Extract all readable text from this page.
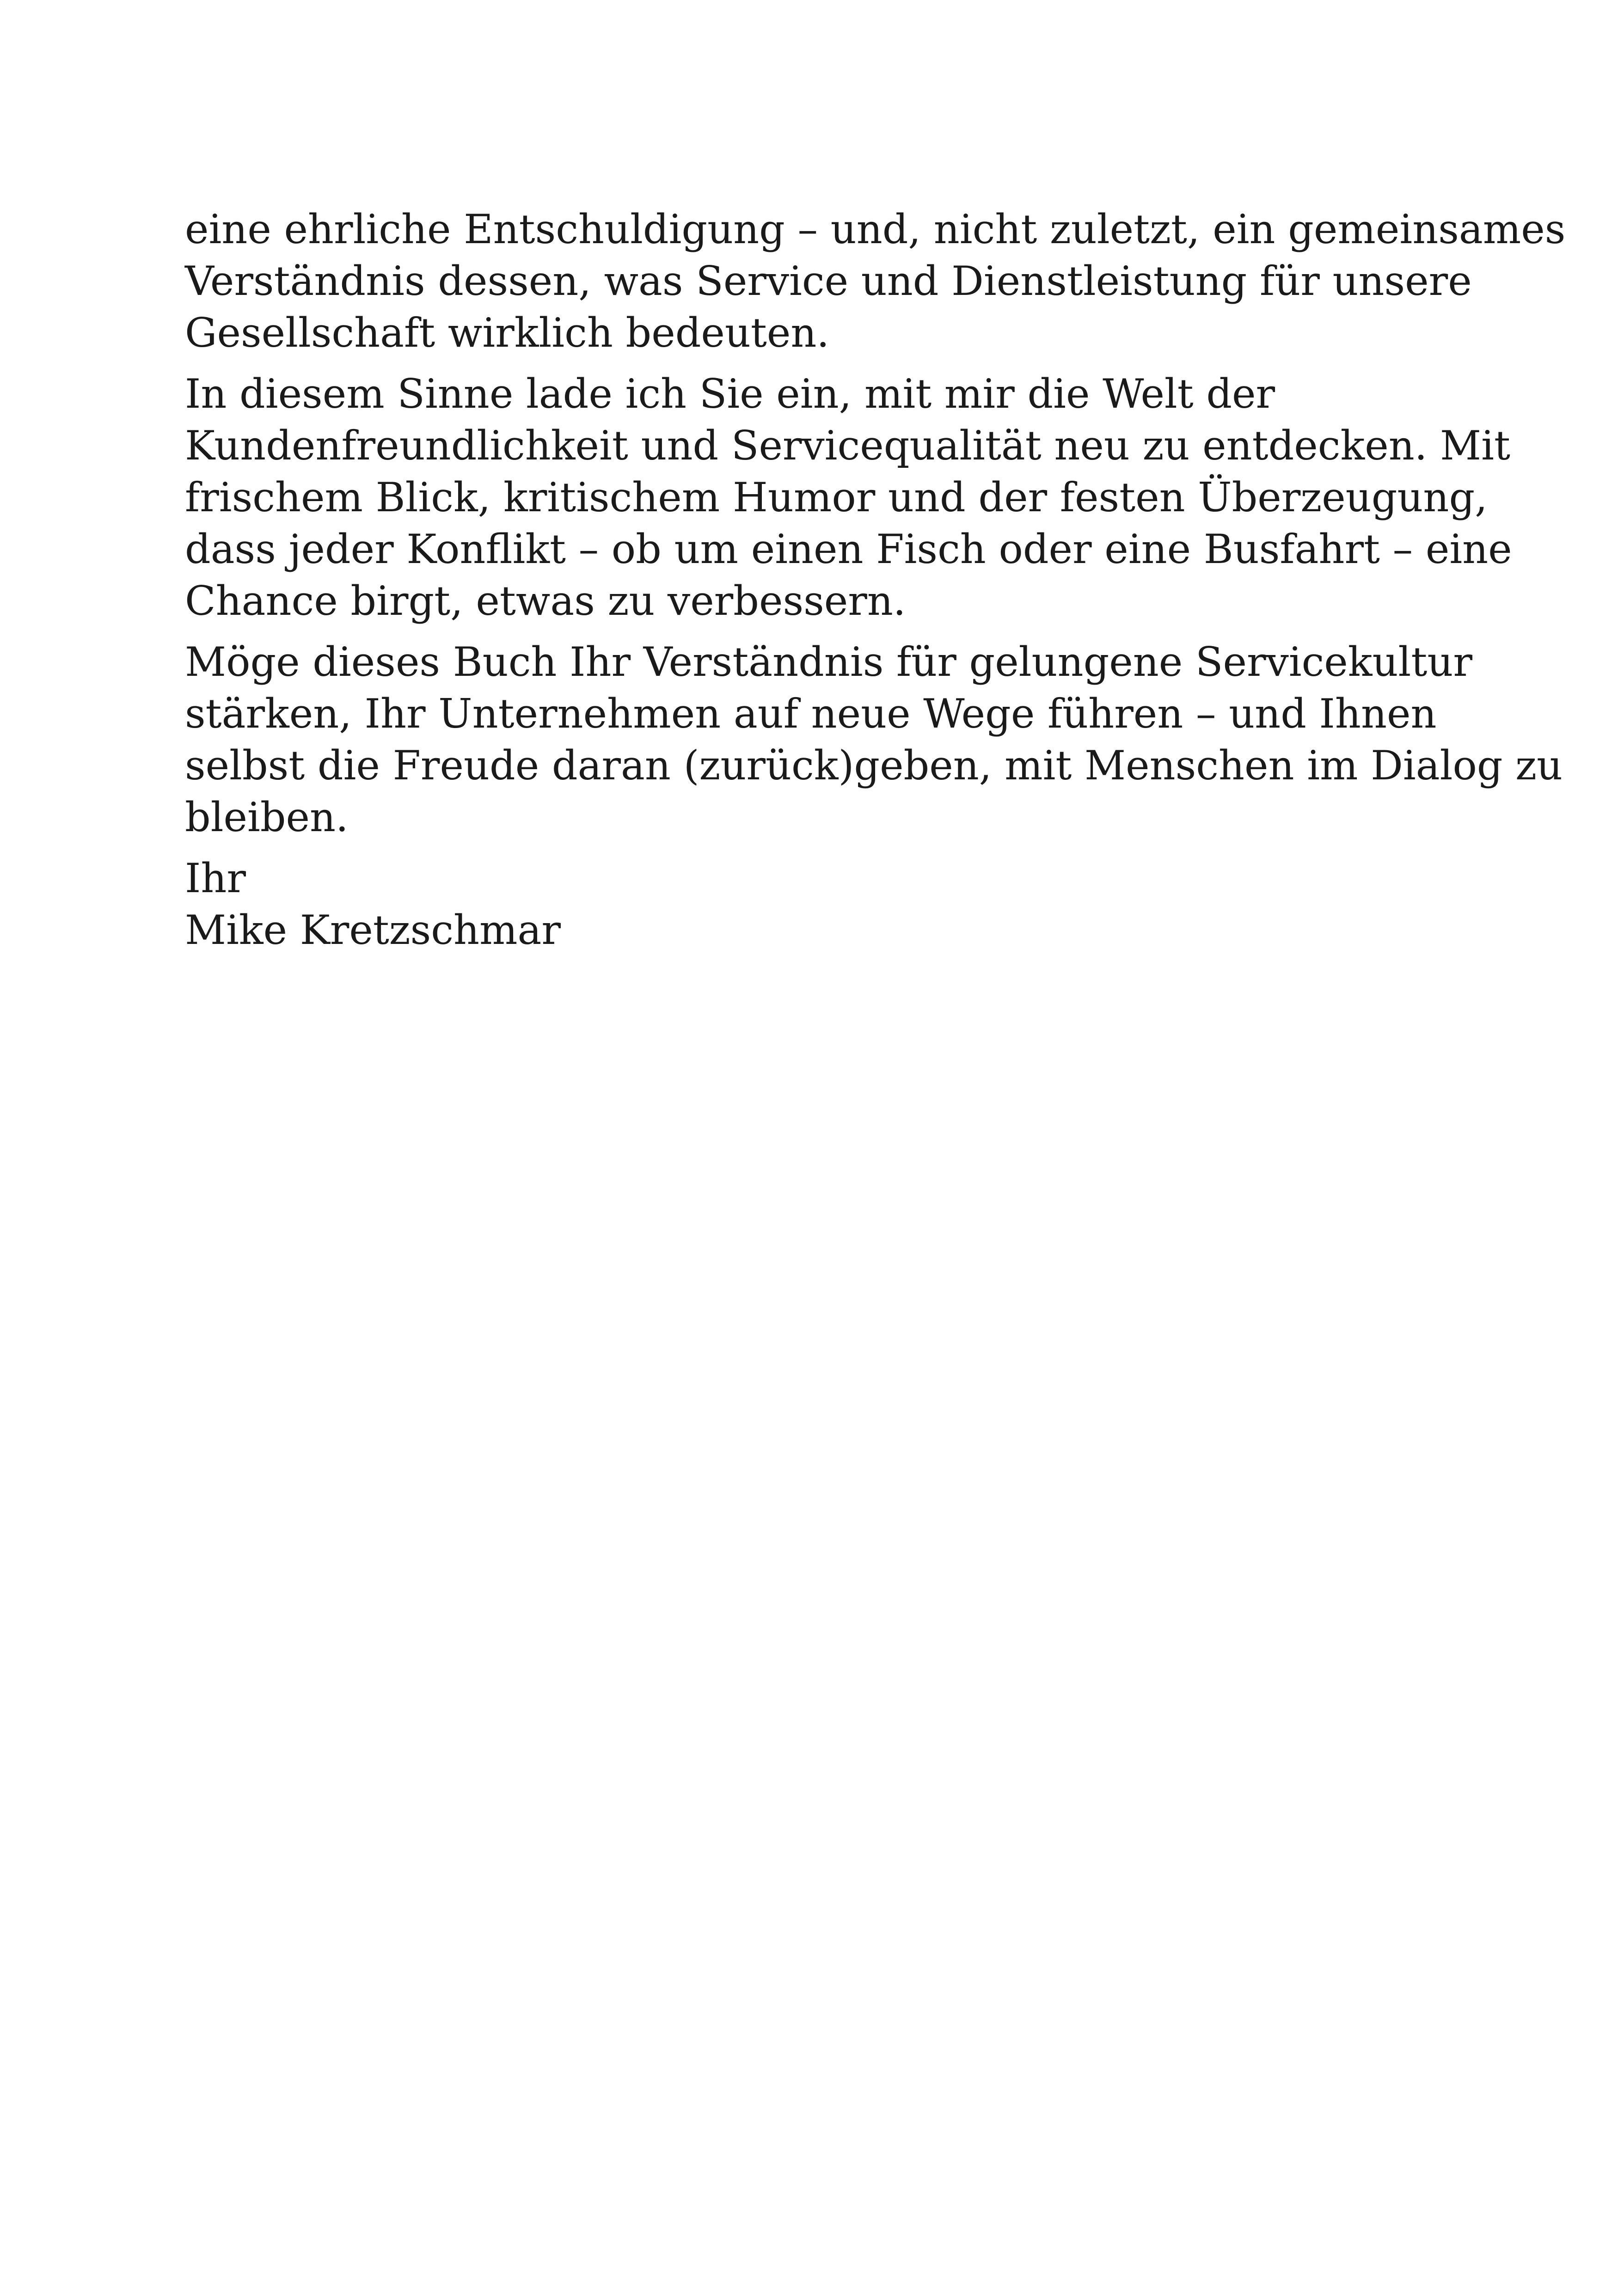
eine ehrliche Entschuldigung – und, nicht zuletzt, ein gemeinsames
Verständnis dessen, was Service und Dienstleistung für unsere
Gesellschaft wirklich bedeuten.
In diesem Sinne lade ich Sie ein, mit mir die Welt der
Kundenfreundlichkeit und Servicequalität neu zu entdecken. Mit
frischem Blick, kritischem Humor und der festen Überzeugung,
dass jeder Konflikt – ob um einen Fisch oder eine Busfahrt – eine
Chance birgt, etwas zu verbessern.
Möge dieses Buch Ihr Verständnis für gelungene Servicekultur
stärken, Ihr Unternehmen auf neue Wege führen – und Ihnen
selbst die Freude daran (zurück)geben, mit Menschen im Dialog zu
bleiben.
Ihr
Mike Kretzschmar
